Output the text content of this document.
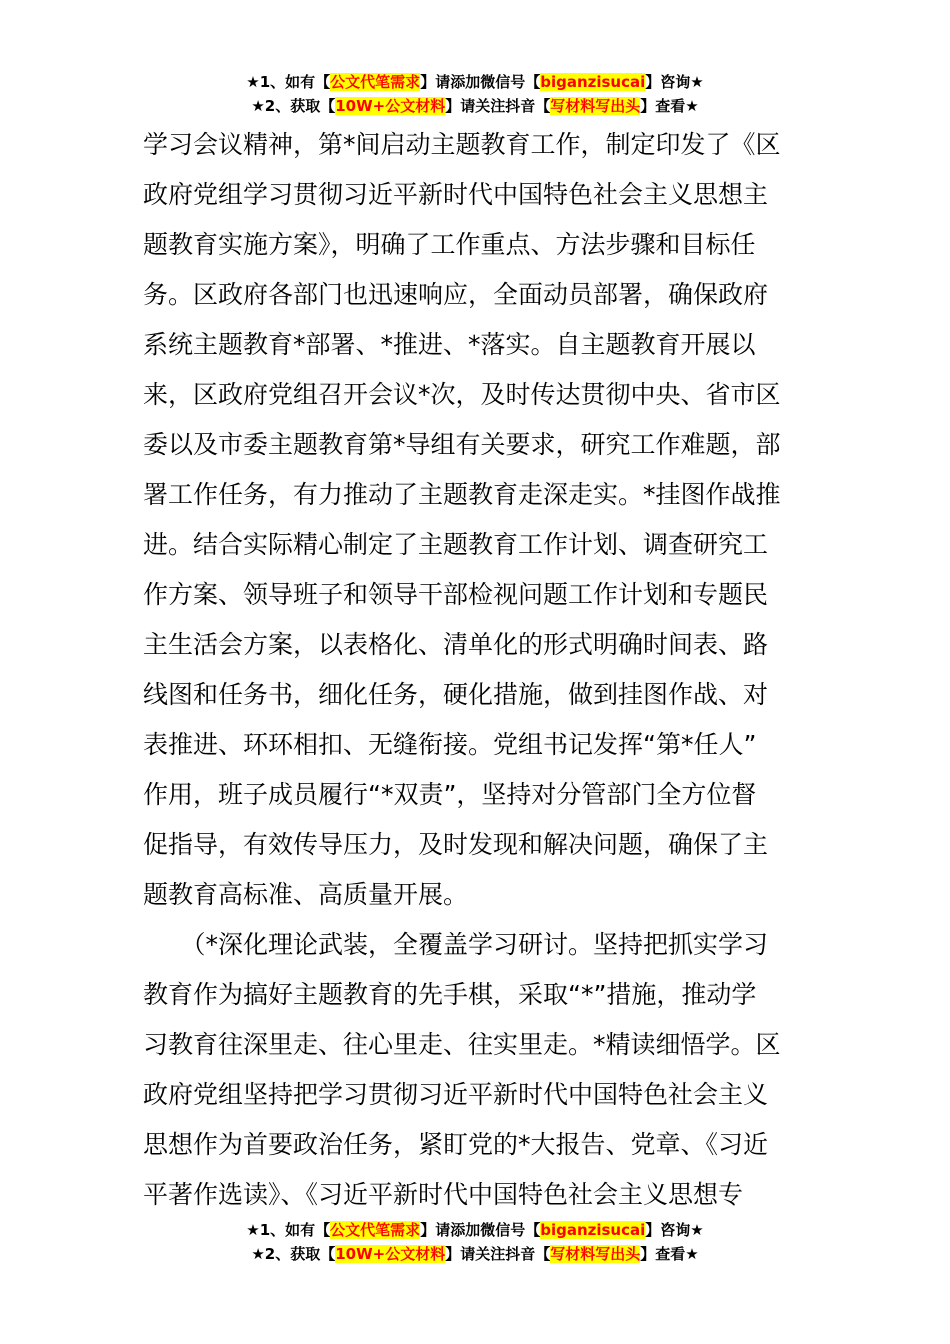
★1、如有【公文代笔需求】请添加微信号【biganzisucai】咨询★
★2、获取【10W+公文材料】请关注抖音【写材料写出头】查看★
学习会议精神，第*间启动主题教育工作，制定印发了《区
政府党组学习贯彻习近平新时代中国特色社会主义思想主
题教育实施方案》，明确了工作重点、方法步骤和目标任
务。区政府各部门也迅速响应，全面动员部署，确保政府
系统主题教育*部署、*推进、*落实。自主题教育开展以
来，区政府党组召开会议*次，及时传达贯彻中央、省市区
委以及市委主题教育第*导组有关要求，研究工作难题，部
署工作任务，有力推动了主题教育走深走实。*挂图作战推
进。结合实际精心制定了主题教育工作计划、调查研究工
作方案、领导班子和领导干部检视问题工作计划和专题民
主生活会方案，以表格化、清单化的形式明确时间表、路
线图和任务书，细化任务，硬化措施，做到挂图作战、对
表推进、环环相扣、无缝衔接。党组书记发挥“第*任人”
作用，班子成员履行“*双责”，坚持对分管部门全方位督
促指导，有效传导压力，及时发现和解决问题，确保了主
题教育高标准、高质量开展。
　　（*深化理论武装，全覆盖学习研讨。坚持把抓实学习
教育作为搞好主题教育的先手棋，采取“*”措施，推动学
习教育往深里走、往心里走、往实里走。*精读细悟学。区
政府党组坚持把学习贯彻习近平新时代中国特色社会主义
思想作为首要政治任务，紧盯党的*大报告、党章、《习近
平著作选读》、《习近平新时代中国特色社会主义思想专
★1、如有【公文代笔需求】请添加微信号【biganzisucai】咨询★
★2、获取【10W+公文材料】请关注抖音【写材料写出头】查看★
